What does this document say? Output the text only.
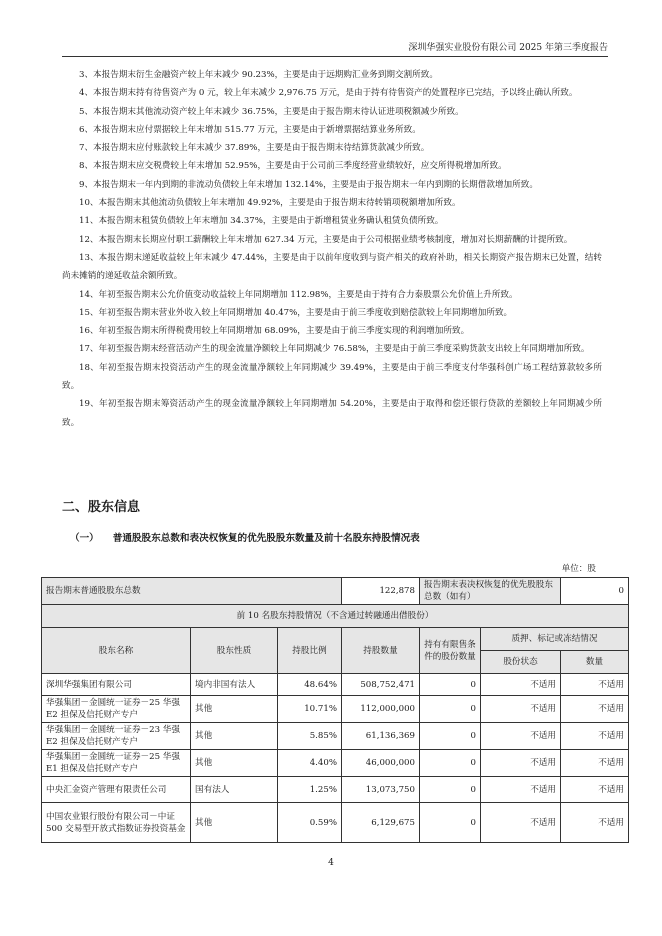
深圳华强实业股份有限公司 2025 年第三季度报告

3、本报告期末衍生金融资产较上年末减少 90.23%，主要是由于远期购汇业务到期交割所致。

4、本报告期末持有待售资产为 0 元，较上年末减少 2,976.75 万元，是由于持有待售资产的处置程序已完结，予以终止确认所致。

5、本报告期末其他流动资产较上年末减少 36.75%，主要是由于报告期末待认证进项税额减少所致。

6、本报告期末应付票据较上年末增加 515.77 万元，主要是由于新增票据结算业务所致。

7、本报告期末应付账款较上年末减少 37.89%，主要是由于报告期末待结算货款减少所致。

8、本报告期末应交税费较上年末增加 52.95%，主要是由于公司前三季度经营业绩较好，应交所得税增加所致。

9、本报告期末一年内到期的非流动负债较上年末增加 132.14%，主要是由于报告期末一年内到期的长期借款增加所致。

10、本报告期末其他流动负债较上年末增加 49.92%，主要是由于报告期末待转销项税额增加所致。

11、本报告期末租赁负债较上年末增加 34.37%，主要是由于新增租赁业务确认租赁负债所致。

12、本报告期末长期应付职工薪酬较上年末增加 627.34 万元，主要是由于公司根据业绩考核制度，增加对长期薪酬的计提所致。

13、本报告期末递延收益较上年末减少 47.44%，主要是由于以前年度收到与资产相关的政府补助，相关长期资产报告期末已处置，结转尚未摊销的递延收益余额所致。

14、年初至报告期末公允价值变动收益较上年同期增加 112.98%，主要是由于持有合力泰股票公允价值上升所致。

15、年初至报告期末营业外收入较上年同期增加 40.47%，主要是由于前三季度收到赔偿款较上年同期增加所致。

16、年初至报告期末所得税费用较上年同期增加 68.09%，主要是由于前三季度实现的利润增加所致。

17、年初至报告期末经营活动产生的现金流量净额较上年同期减少 76.58%，主要是由于前三季度采购货款支出较上年同期增加所致。

18、年初至报告期末投资活动产生的现金流量净额较上年同期减少 39.49%，主要是由于前三季度支付华强科创广场工程结算款较多所致。

19、年初至报告期末筹资活动产生的现金流量净额较上年同期增加 54.20%，主要是由于取得和偿还银行贷款的差额较上年同期减少所致。

二、股东信息
（一） 普通股股东总数和表决权恢复的优先股股东数量及前十名股东持股情况表
单位：股
报告期末普通股股东总数			122,878	报告期末表决权恢复的优先股股东总数（如有）		0
前 10 名股东持股情况（不含通过转融通出借股份）						
股东名称	股东性质	持股比例	持股数量	持有有限售条件的股份数量	质押、标记或冻结情况	
					股份状态	数量
深圳华强集团有限公司	境内非国有法人	48.64%	508,752,471	0	不适用	不适用
华强集团－金圆统一证券－25 华强 E2 担保及信托财产专户	其他	10.71%	112,000,000	0	不适用	不适用
华强集团－金圆统一证券－23 华强 E2 担保及信托财产专户	其他	5.85%	61,136,369	0	不适用	不适用
华强集团－金圆统一证券－25 华强 E1 担保及信托财产专户	其他	4.40%	46,000,000	0	不适用	不适用
中央汇金资产管理有限责任公司	国有法人	1.25%	13,073,750	0	不适用	不适用
中国农业银行股份有限公司－中证 500 交易型开放式指数证券投资基金	其他	0.59%	6,129,675	0	不适用	不适用
4
